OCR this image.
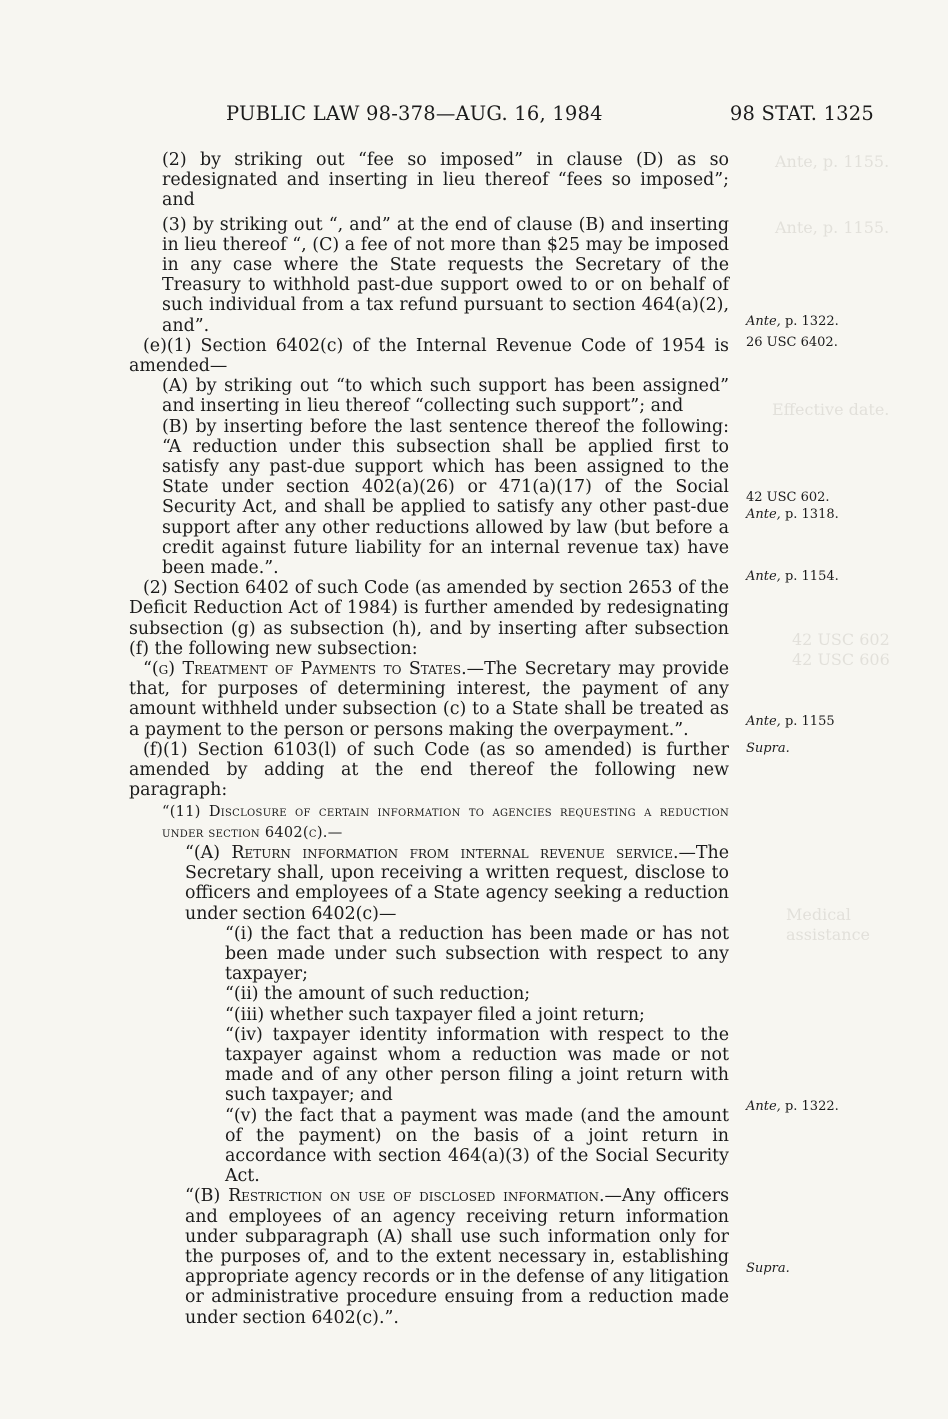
Ante, p. 1155.
Ante, p. 1155.
Effective date.
42 USC 602
42 USC 606
Medical
assistance
PUBLIC LAW 98-378—AUG. 16, 1984	98 STAT. 1325

(2) by striking out “fee so imposed” in clause (D) as so redesignated and inserting in lieu thereof “fees so imposed”; and

(3) by striking out “, and” at the end of clause (B) and inserting in lieu thereof “, (C) a fee of not more than $25 may be imposed in any case where the State requests the Secretary of the Treasury to withhold past-due support owed to or on behalf of such individual from a tax refund pursuant to section 464(a)(2), and”.

(e)(1) Section 6402(c) of the Internal Revenue Code of 1954 is amended—

(A) by striking out “to which such support has been assigned” and inserting in lieu thereof “collecting such support”; and

(B) by inserting before the last sentence thereof the following: “A reduction under this subsection shall be applied first to satisfy any past-due support which has been assigned to the State under section 402(a)(26) or 471(a)(17) of the Social Security Act, and shall be applied to satisfy any other past-due support after any other reductions allowed by law (but before a credit against future liability for an internal revenue tax) have been made.”.

(2) Section 6402 of such Code (as amended by section 2653 of the Deficit Reduction Act of 1984) is further amended by redesignating subsection (g) as subsection (h), and by inserting after subsection (f) the following new subsection:

“(g) Treatment of Payments to States.—The Secretary may provide that, for purposes of determining interest, the payment of any amount withheld under subsection (c) to a State shall be treated as a payment to the person or persons making the overpayment.”.

(f)(1) Section 6103(l) of such Code (as so amended) is further amended by adding at the end thereof the following new paragraph:

“(11) Disclosure of certain information to agencies requesting a reduction under section 6402(c).—

“(A) Return information from internal revenue service.—The Secretary shall, upon receiving a written request, disclose to officers and employees of a State agency seeking a reduction under section 6402(c)—

“(i) the fact that a reduction has been made or has not been made under such subsection with respect to any taxpayer;

“(ii) the amount of such reduction;

“(iii) whether such taxpayer filed a joint return;

“(iv) taxpayer identity information with respect to the taxpayer against whom a reduction was made or not made and of any other person filing a joint return with such taxpayer; and

“(v) the fact that a payment was made (and the amount of the payment) on the basis of a joint return in accordance with section 464(a)(3) of the Social Security Act.

“(B) Restriction on use of disclosed information.—Any officers and employees of an agency receiving return information under subparagraph (A) shall use such information only for the purposes of, and to the extent necessary in, establishing appropriate agency records or in the defense of any litigation or administrative procedure ensuing from a reduction made under section 6402(c).”.

Ante, p. 1322.
26 USC 6402.
42 USC 602.
Ante, p. 1318.
Ante, p. 1154.
Ante, p. 1155
Supra.
Ante, p. 1322.
Supra.
